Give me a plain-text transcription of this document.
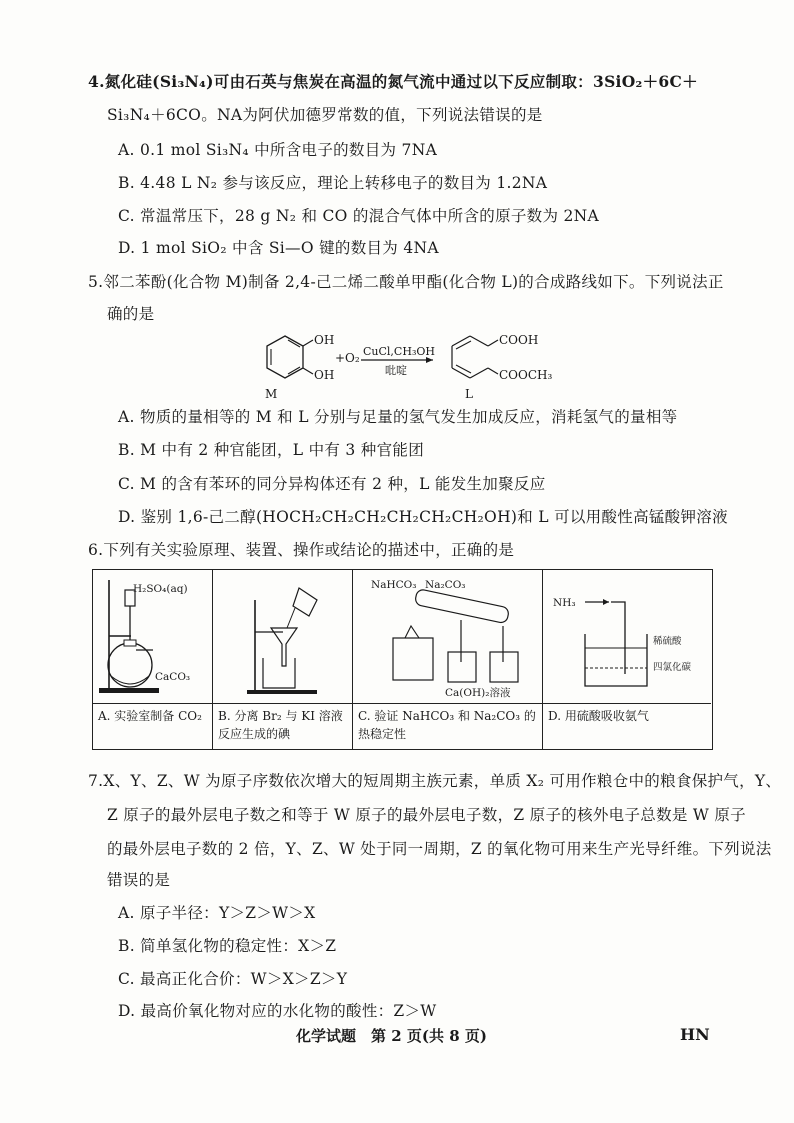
4.氮化硅(Si₃N₄)可由石英与焦炭在高温的氮气流中通过以下反应制取：3SiO₂＋6C＋
Si₃N₄＋6CO。NA为阿伏加德罗常数的值，下列说法错误的是
A. 0.1 mol Si₃N₄ 中所含电子的数目为 7NA
B. 4.48 L N₂ 参与该反应，理论上转移电子的数目为 1.2NA
C. 常温常压下，28 g N₂ 和 CO 的混合气体中所含的原子数为 2NA
D. 1 mol SiO₂ 中含 Si—O 键的数目为 4NA
5.邻二苯酚(化合物 M)制备 2,4-己二烯二酸单甲酯(化合物 L)的合成路线如下。下列说法正
确的是
OH
OH
M
+O₂ CuCl,CH₃OH
吡啶
COOH
COOCH₃
L
A. 物质的量相等的 M 和 L 分别与足量的氢气发生加成反应，消耗氢气的量相等
B. M 中有 2 种官能团，L 中有 3 种官能团
C. M 的含有苯环的同分异构体还有 2 种，L 能发生加聚反应
D. 鉴别 1,6-己二醇(HOCH₂CH₂CH₂CH₂CH₂CH₂OH)和 L 可以用酸性高锰酸钾溶液
6.下列有关实验原理、装置、操作或结论的描述中，正确的是
H₂SO₄(aq)
CaCO₃
A. 实验室制备 CO₂	B. 分离 Br₂ 与 KI 溶液反应生成的碘
NaHCO₃ Na₂CO₃
Ca(OH)₂溶液
C. 验证 NaHCO₃ 和 Na₂CO₃ 的热稳定性
NH₃
稀硫酸
四氯化碳
D. 用硫酸吸收氨气
7.X、Y、Z、W 为原子序数依次增大的短周期主族元素，单质 X₂ 可用作粮仓中的粮食保护气，Y、
Z 原子的最外层电子数之和等于 W 原子的最外层电子数，Z 原子的核外电子总数是 W 原子
的最外层电子数的 2 倍，Y、Z、W 处于同一周期，Z 的氧化物可用来生产光导纤维。下列说法
错误的是
A. 原子半径：Y＞Z＞W＞X
B. 简单氢化物的稳定性：X＞Z
C. 最高正化合价：W＞X＞Z＞Y
D. 最高价氧化物对应的水化物的酸性：Z＞W
化学试题　第 2 页(共 8 页)	HN
